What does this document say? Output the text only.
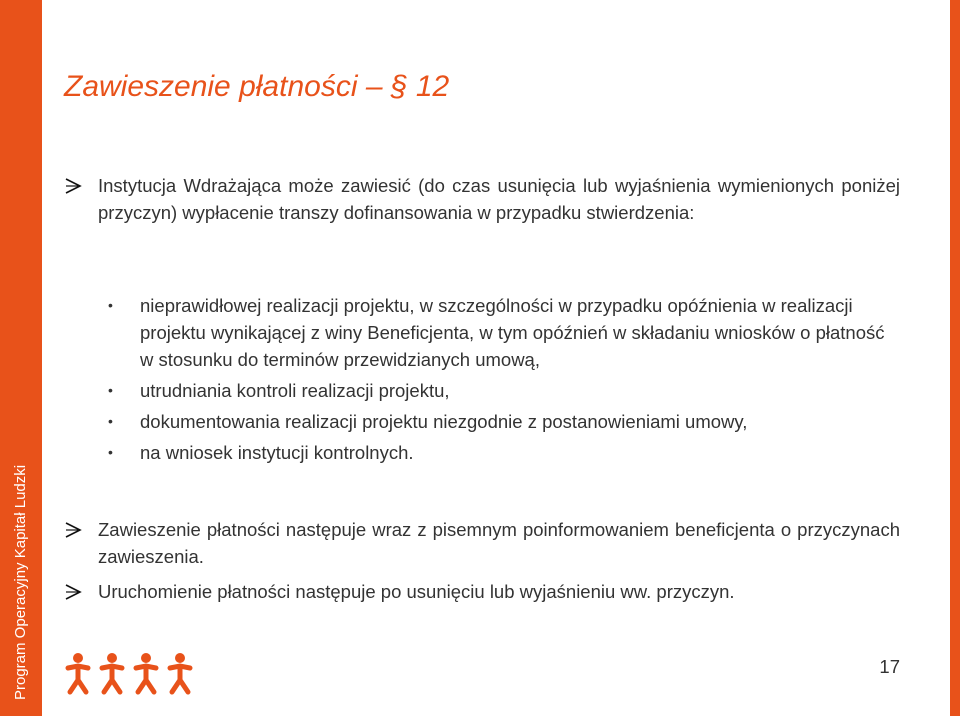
Program Operacyjny Kapitał Ludzki
Zawieszenie płatności – § 12
Instytucja Wdrażająca może zawiesić (do czas usunięcia lub wyjaśnienia wymienionych poniżej przyczyn) wypłacenie transzy dofinansowania w przypadku stwierdzenia:
• nieprawidłowej realizacji projektu, w szczególności w przypadku opóźnienia w realizacji projektu wynikającej z winy Beneficjenta, w tym opóźnień w składaniu wniosków o płatność w stosunku do terminów przewidzianych umową,
• utrudniania kontroli realizacji projektu,
• dokumentowania realizacji projektu niezgodnie z postanowieniami umowy,
• na wniosek instytucji kontrolnych.
Zawieszenie płatności następuje wraz z pisemnym poinformowaniem beneficjenta o przyczynach zawieszenia.
Uruchomienie płatności następuje po usunięciu lub wyjaśnieniu ww. przyczyn.
17
